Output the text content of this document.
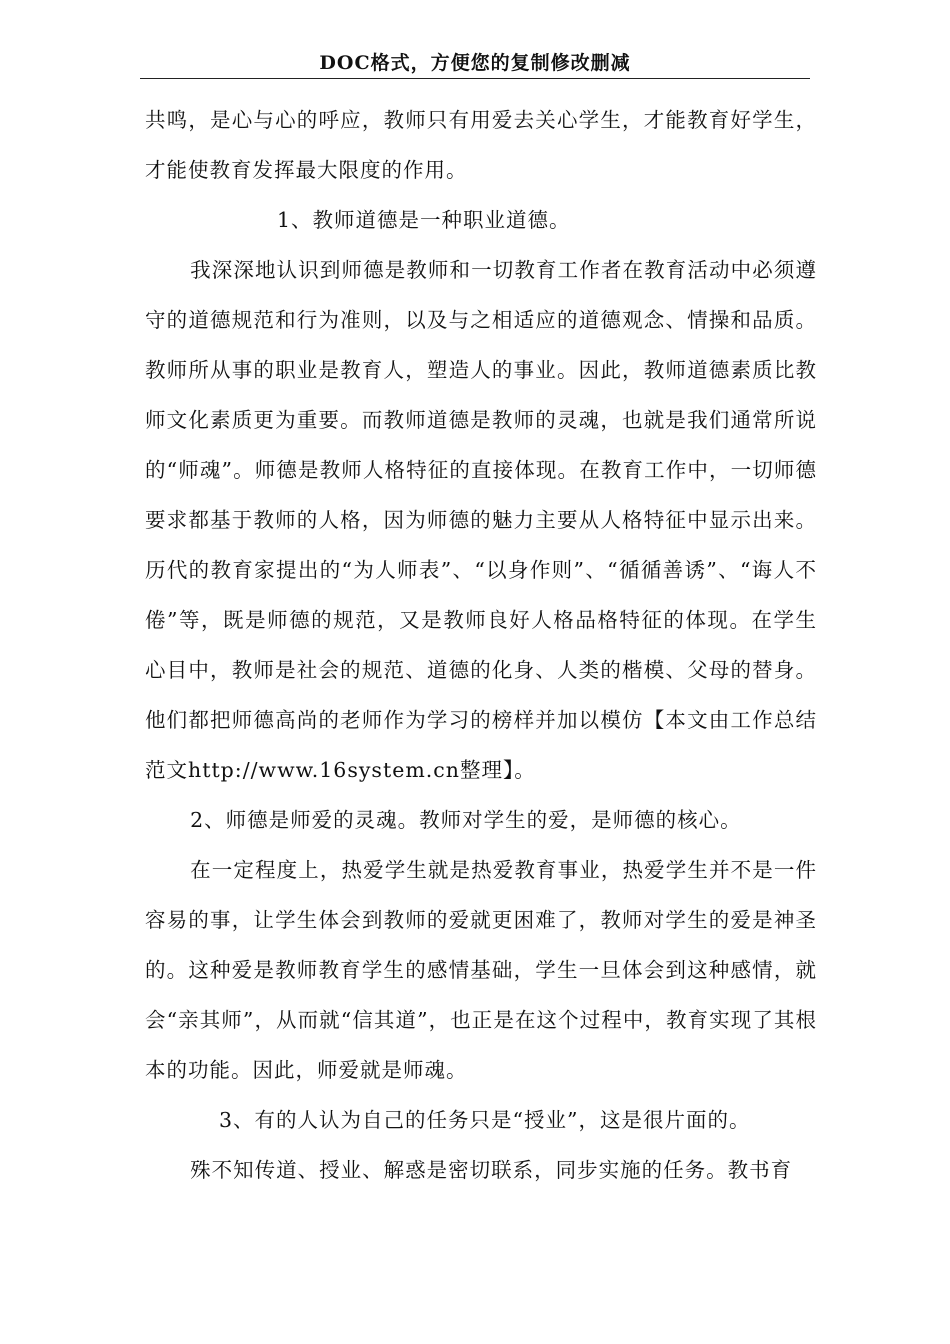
DOC格式，方便您的复制修改删减

共鸣，是心与心的呼应，教师只有用爱去关心学生，才能教育好学生，才能使教育发挥最大限度的作用。

1、教师道德是一种职业道德。

我深深地认识到师德是教师和一切教育工作者在教育活动中必须遵守的道德规范和行为准则，以及与之相适应的道德观念、情操和品质。教师所从事的职业是教育人，塑造人的事业。因此，教师道德素质比教师文化素质更为重要。而教师道德是教师的灵魂，也就是我们通常所说的“师魂”。师德是教师人格特征的直接体现。在教育工作中，一切师德要求都基于教师的人格，因为师德的魅力主要从人格特征中显示出来。历代的教育家提出的“为人师表”、“以身作则”、“循循善诱”、“诲人不倦”等，既是师德的规范，又是教师良好人格品格特征的体现。在学生心目中，教师是社会的规范、道德的化身、人类的楷模、父母的替身。他们都把师德高尚的老师作为学习的榜样并加以模仿【本文由工作总结范文http://www.16system.cn整理】。

2、师德是师爱的灵魂。教师对学生的爱，是师德的核心。

在一定程度上，热爱学生就是热爱教育事业，热爱学生并不是一件容易的事，让学生体会到教师的爱就更困难了，教师对学生的爱是神圣的。这种爱是教师教育学生的感情基础，学生一旦体会到这种感情，就会“亲其师”，从而就“信其道”，也正是在这个过程中，教育实现了其根本的功能。因此，师爱就是师魂。

3、有的人认为自己的任务只是“授业”，这是很片面的。

殊不知传道、授业、解惑是密切联系，同步实施的任务。教书育
